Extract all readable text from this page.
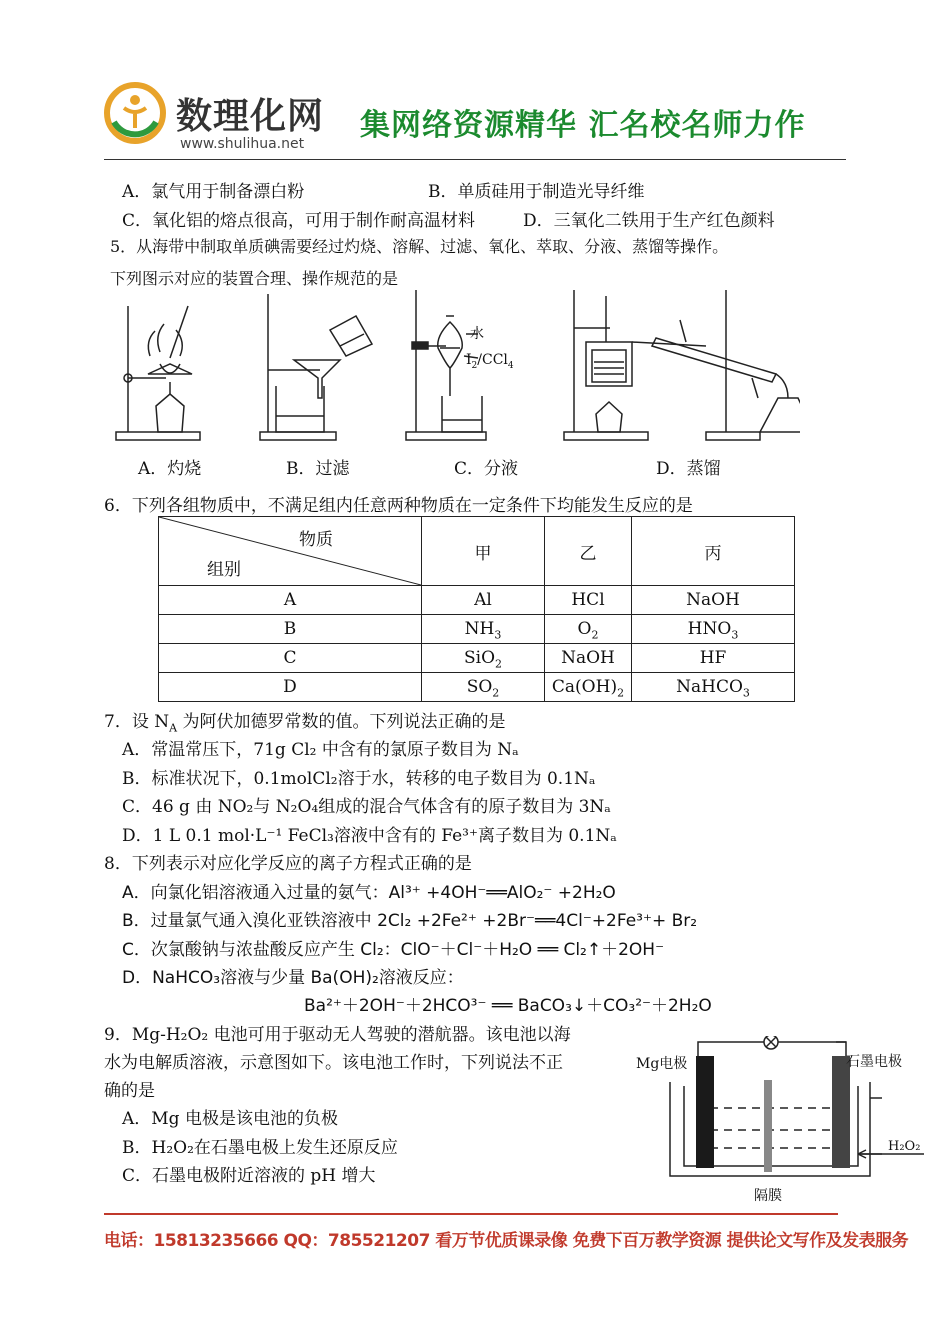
数理化网
www.shulihua.net
集网络资源精华 汇名校名师力作
A．氯气用于制备漂白粉	B．单质硅用于制造光导纤维
C．氧化铝的熔点很高，可用于制作耐高温材料	D．三氧化二铁用于生产红色颜料
5．从海带中制取单质碘需要经过灼烧、溶解、过滤、氧化、萃取、分液、蒸馏等操作。
下列图示对应的装置合理、操作规范的是
水
$I_2/CCl_4$
A．灼烧	B．过滤	C．分液	D．蒸馏
6．下列各组物质中，不满足组内任意两种物质在一定条件下均能发生反应的是
物质
组别	甲	乙	丙
A	Al	HCl	NaOH
B	$NH_3$	$O_2$	$HNO_3$
C	SiO$_2$	NaOH	HF
D	$SO_2$	$Ca(OH)_2$	NaHCO$_3$
7．设 $N_A$ 为阿伏加德罗常数的值。下列说法正确的是
A．常温常压下，71g Cl₂ 中含有的氯原子数目为 Nₐ
B．标准状况下，0.1molCl₂溶于水，转移的电子数目为 0.1Nₐ
C．46 g 由 NO₂与 N₂O₄组成的混合气体含有的原子数目为 3Nₐ
D．1 L 0.1 mol·L⁻¹ FeCl₃溶液中含有的 Fe³⁺离子数目为 0.1Nₐ
8．下列表示对应化学反应的离子方程式正确的是
A．向氯化铝溶液通入过量的氨气：Al³⁺ +4OH⁻══AlO₂⁻ +2H₂O
B．过量氯气通入溴化亚铁溶液中 2Cl₂ +2Fe²⁺ +2Br⁻══4Cl⁻+2Fe³⁺+ Br₂
C．次氯酸钠与浓盐酸反应产生 Cl₂：ClO⁻＋Cl⁻＋H₂O ══ Cl₂↑＋2OH⁻
D．NaHCO₃溶液与少量 Ba(OH)₂溶液反应：
Ba²⁺＋2OH⁻＋2HCO³⁻ ══ BaCO₃↓＋CO₃²⁻＋2H₂O
9．Mg-H₂O₂ 电池可用于驱动无人驾驶的潜航器。该电池以海
水为电解质溶液，示意图如下。该电池工作时，下列说法不正
确的是
A．Mg 电极是该电池的负极
B．H₂O₂在石墨电极上发生还原反应
C．石墨电极附近溶液的 pH 增大
Mg电极	石墨电极
H₂O₂
隔膜
电话：15813235666 QQ：785521207 看万节优质课录像 免费下百万教学资源 提供论文写作及发表服务
